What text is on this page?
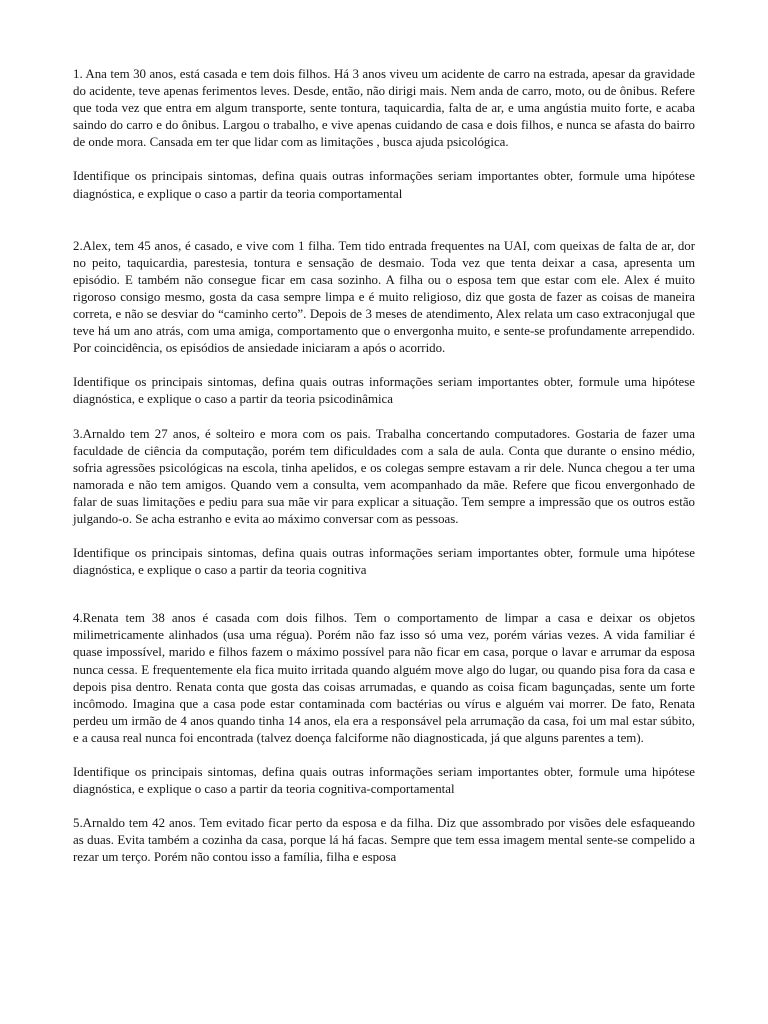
1. Ana tem 30 anos, está casada e tem dois filhos. Há 3 anos viveu um acidente de carro na estrada, apesar da gravidade do acidente, teve apenas ferimentos leves. Desde, então, não dirigi mais. Nem anda de carro, moto, ou de ônibus. Refere que toda vez que entra em algum transporte, sente tontura, taquicardia, falta de ar, e uma angústia muito forte, e acaba saindo do carro e do ônibus. Largou o trabalho, e vive apenas cuidando de casa e dois filhos, e nunca se afasta do bairro de onde mora. Cansada em ter que lidar com as limitações , busca ajuda psicológica.

Identifique os principais sintomas, defina quais outras informações seriam importantes obter, formule uma hipótese diagnóstica, e explique o caso a partir da teoria comportamental

2.Alex, tem 45 anos, é casado, e vive com 1 filha. Tem tido entrada frequentes na UAI, com queixas de falta de ar, dor no peito, taquicardia, parestesia, tontura e sensação de desmaio. Toda vez que tenta deixar a casa, apresenta um episódio. E também não consegue ficar em casa sozinho. A filha ou o esposa tem que estar com ele. Alex é muito rigoroso consigo mesmo, gosta da casa sempre limpa e é muito religioso, diz que gosta de fazer as coisas de maneira correta, e não se desviar do “caminho certo”. Depois de 3 meses de atendimento, Alex relata um caso extraconjugal que teve há um ano atrás, com uma amiga, comportamento que o envergonha muito, e sente-se profundamente arrependido. Por coincidência, os episódios de ansiedade iniciaram a após o acorrido.

Identifique os principais sintomas, defina quais outras informações seriam importantes obter, formule uma hipótese diagnóstica, e explique o caso a partir da teoria psicodinâmica

3.Arnaldo tem 27 anos, é solteiro e mora com os pais. Trabalha concertando computadores. Gostaria de fazer uma faculdade de ciência da computação, porém tem dificuldades com a sala de aula. Conta que durante o ensino médio, sofria agressões psicológicas na escola, tinha apelidos, e os colegas sempre estavam a rir dele. Nunca chegou a ter uma namorada e não tem amigos. Quando vem a consulta, vem acompanhado da mãe. Refere que ficou envergonhado de falar de suas limitações e pediu para sua mãe vir para explicar a situação. Tem sempre a impressão que os outros estão julgando-o. Se acha estranho e evita ao máximo conversar com as pessoas.

Identifique os principais sintomas, defina quais outras informações seriam importantes obter, formule uma hipótese diagnóstica, e explique o caso a partir da teoria cognitiva

4.Renata tem 38 anos é casada com dois filhos. Tem o comportamento de limpar a casa e deixar os objetos milimetricamente alinhados (usa uma régua). Porém não faz isso só uma vez, porém várias vezes. A vida familiar é quase impossível, marido e filhos fazem o máximo possível para não ficar em casa, porque o lavar e arrumar da esposa nunca cessa. E frequentemente ela fica muito irritada quando alguém move algo do lugar, ou quando pisa fora da casa e depois pisa dentro. Renata conta que gosta das coisas arrumadas, e quando as coisa ficam bagunçadas, sente um forte incômodo. Imagina que a casa pode estar contaminada com bactérias ou vírus e alguém vai morrer. De fato, Renata perdeu um irmão de 4 anos quando tinha 14 anos, ela era a responsável pela arrumação da casa, foi um mal estar súbito, e a causa real nunca foi encontrada (talvez doença falciforme não diagnosticada, já que alguns parentes a tem).

Identifique os principais sintomas, defina quais outras informações seriam importantes obter, formule uma hipótese diagnóstica, e explique o caso a partir da teoria cognitiva-comportamental

5.Arnaldo tem 42 anos. Tem evitado ficar perto da esposa e da filha. Diz que assombrado por visões dele esfaqueando as duas. Evita também a cozinha da casa, porque lá há facas. Sempre que tem essa imagem mental sente-se compelido a rezar um terço. Porém não contou isso a família, filha e esposa
